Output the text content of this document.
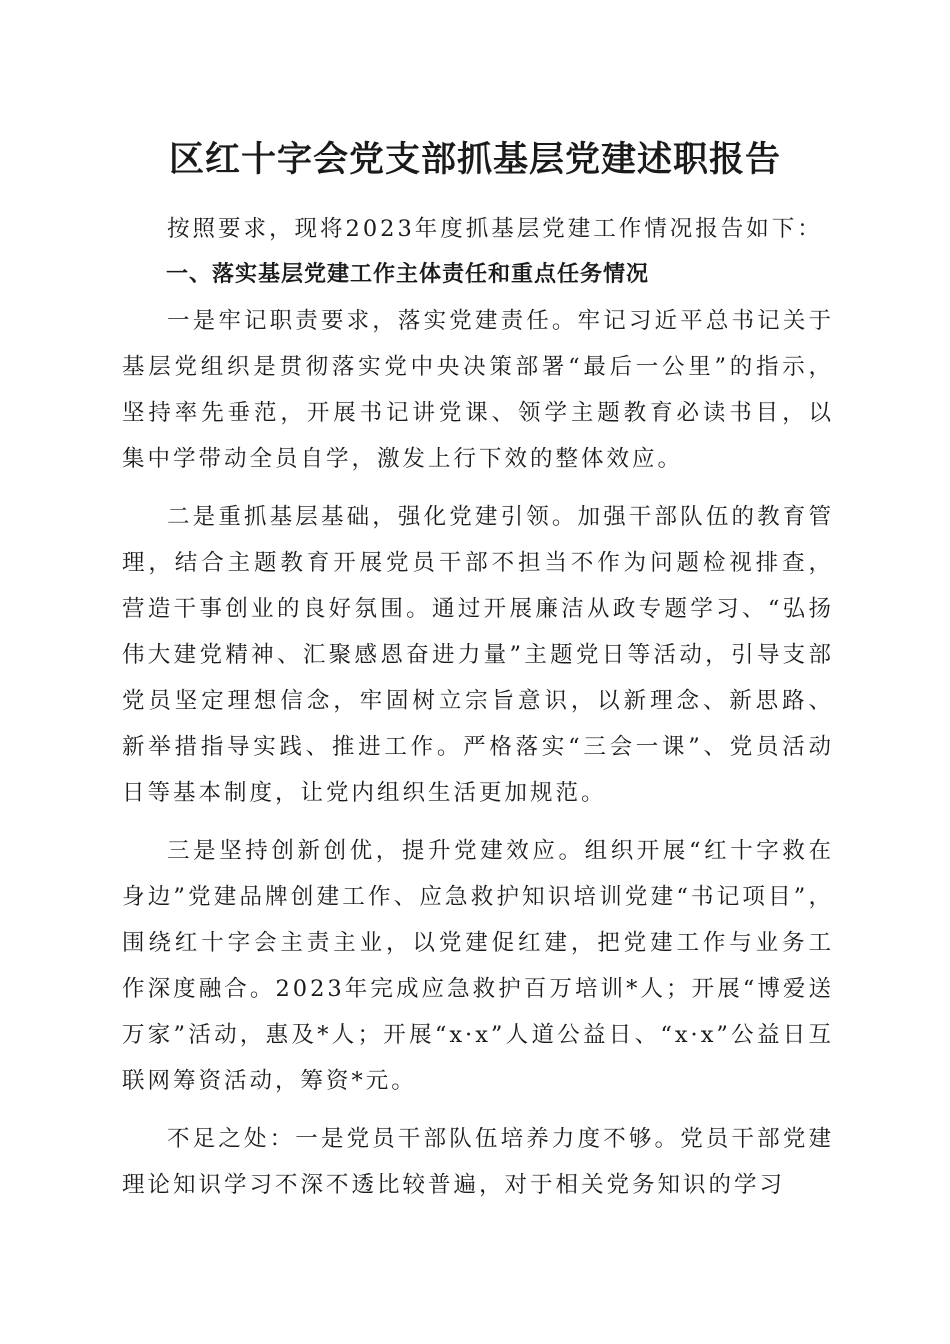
区红十字会党支部抓基层党建述职报告

按照要求，现将2023年度抓基层党建工作情况报告如下：

一、落实基层党建工作主体责任和重点任务情况

一是牢记职责要求，落实党建责任。牢记习近平总书记关于基层党组织是贯彻落实党中央决策部署“最后一公里”的指示，坚持率先垂范，开展书记讲党课、领学主题教育必读书目，以集中学带动全员自学，激发上行下效的整体效应。

二是重抓基层基础，强化党建引领。加强干部队伍的教育管理，结合主题教育开展党员干部不担当不作为问题检视排查，营造干事创业的良好氛围。通过开展廉洁从政专题学习、“弘扬伟大建党精神、汇聚感恩奋进力量”主题党日等活动，引导支部党员坚定理想信念，牢固树立宗旨意识，以新理念、新思路、新举措指导实践、推进工作。严格落实“三会一课”、党员活动日等基本制度，让党内组织生活更加规范。

三是坚持创新创优，提升党建效应。组织开展“红十字救在身边”党建品牌创建工作、应急救护知识培训党建“书记项目”，围绕红十字会主责主业，以党建促红建，把党建工作与业务工作深度融合。2023年完成应急救护百万培训*人；开展“博爱送万家”活动，惠及*人；开展“x·x”人道公益日、“x·x”公益日互联网筹资活动，筹资*元。

不足之处：一是党员干部队伍培养力度不够。党员干部党建理论知识学习不深不透比较普遍，对于相关党务知识的学习
